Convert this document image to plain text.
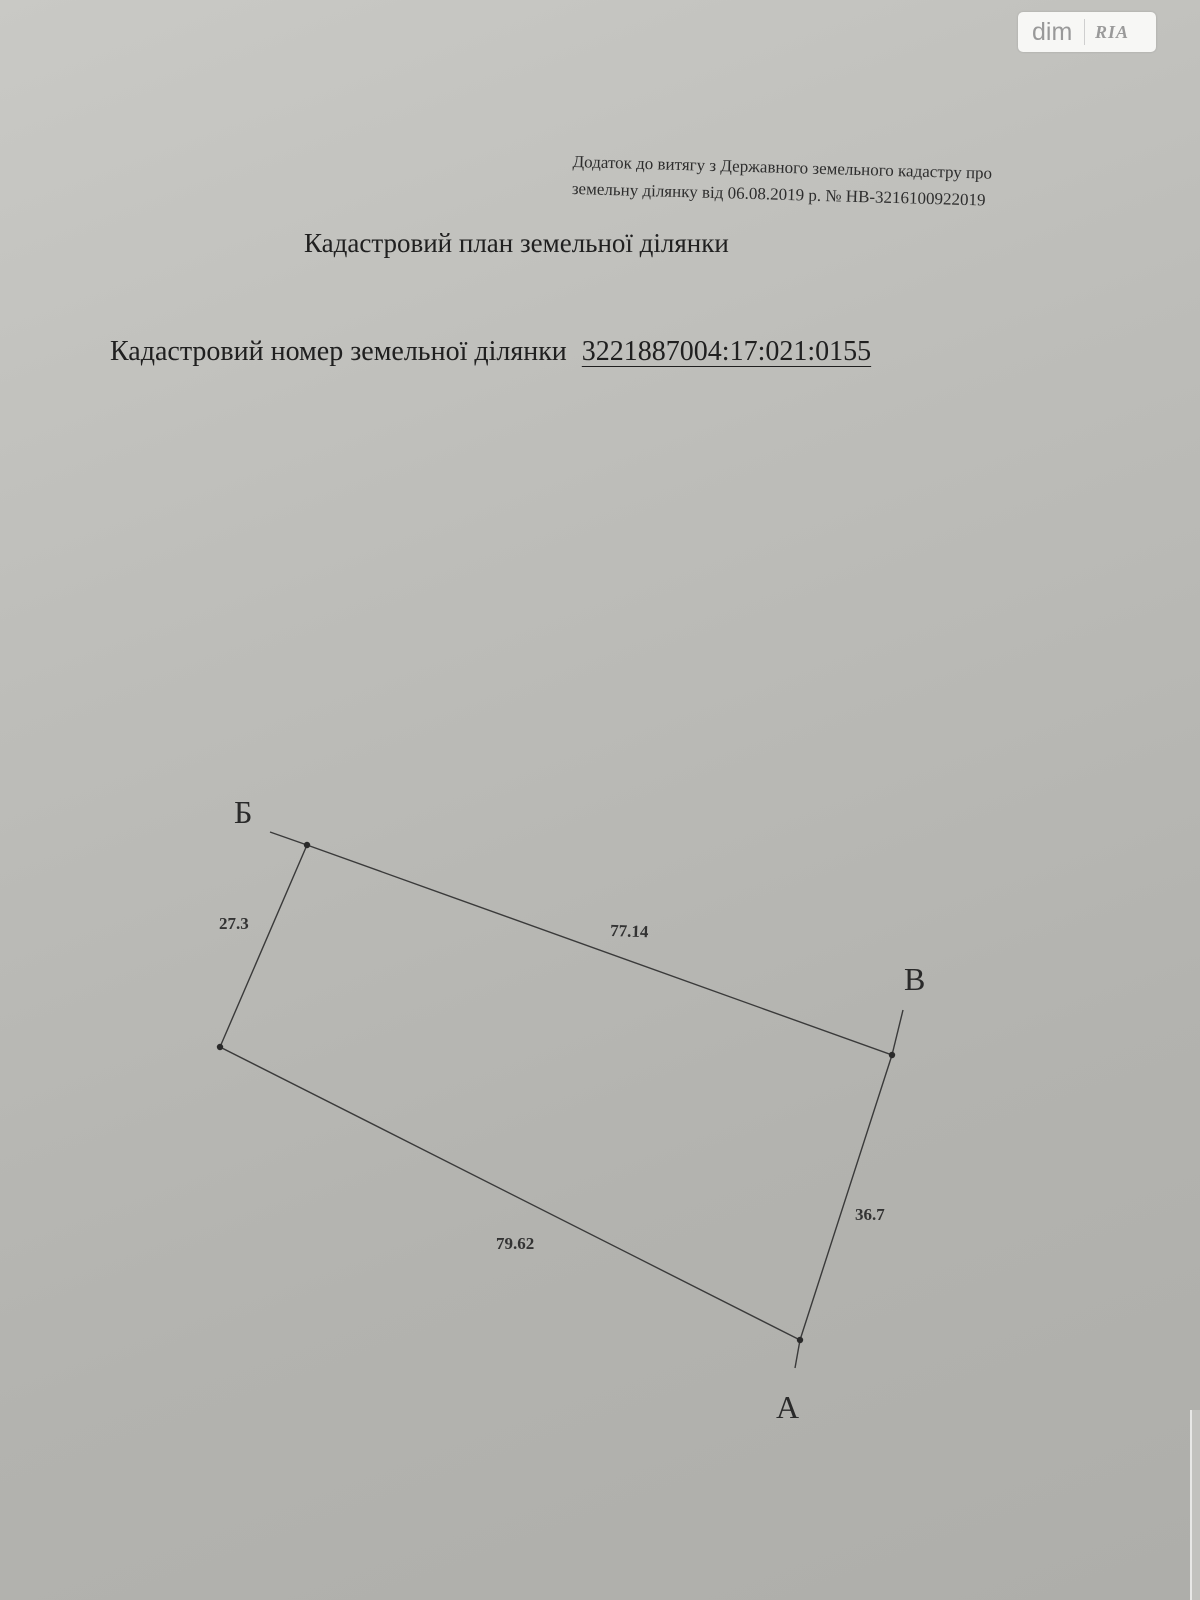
dim	RIA
Додаток до витягу з Державного земельного кадастру про
земельну ділянку від 06.08.2019 р. № НВ-3216100922019
Кадастровий план земельної ділянки
Кадастровий номер земельної ділянки 3221887004:17:021:0155
Б
В
А
27.3	77.14
36.7
79.62
